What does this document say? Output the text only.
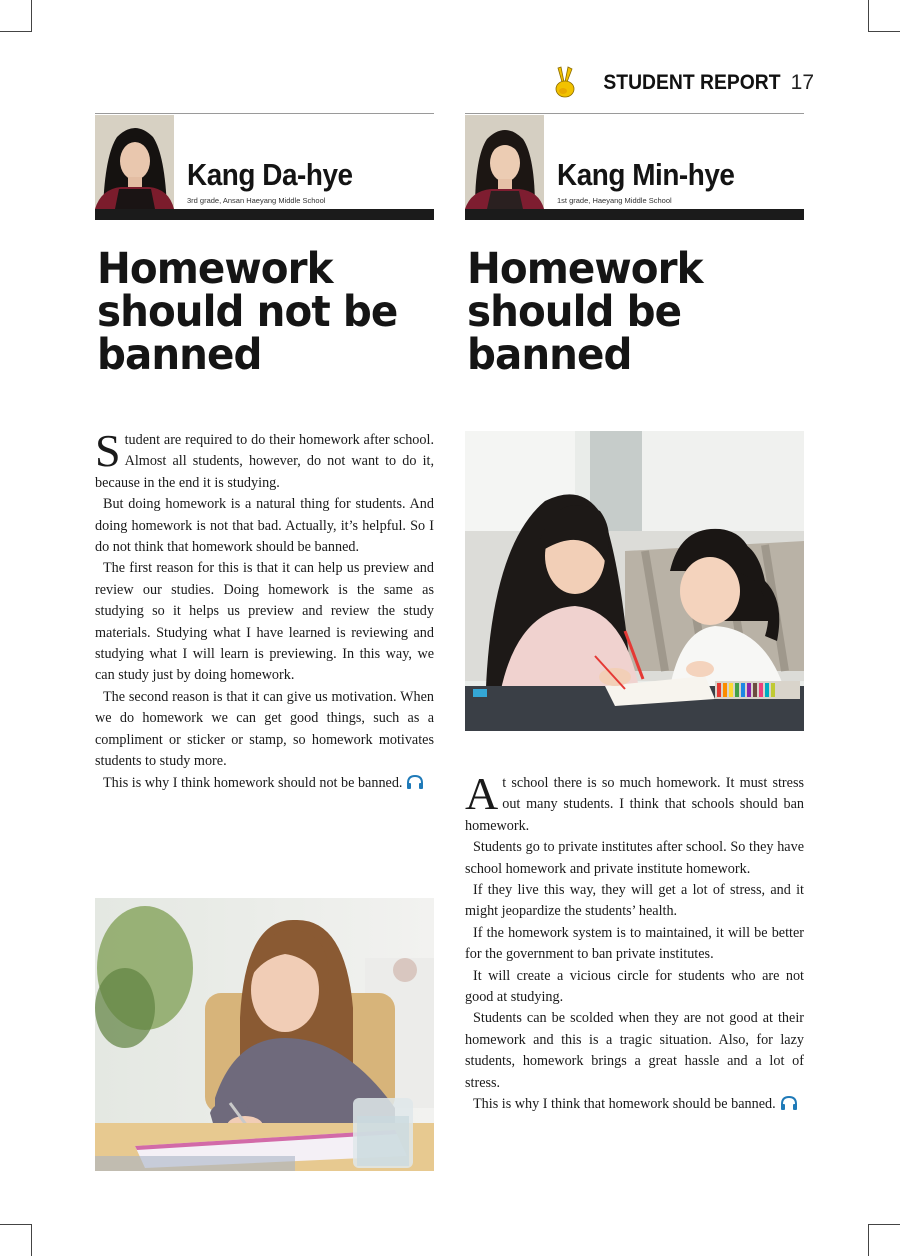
STUDENT REPORT 17
Kang Da-hye
3rd grade, Ansan Haeyang Middle School
Homework
should not be
banned

Student are required to do their homework after school. Almost all students, however, do not want to do it, because in the end it is studying.

But doing homework is a natural thing for students. And doing homework is not that bad. Actually, it’s helpful. So I do not think that homework should be banned.

The first reason for this is that it can help us preview and review our studies. Doing homework is the same as studying so it helps us preview and review the study materials. Studying what I have learned is reviewing and studying what I will learn is previewing. In this way, we can study just by doing homework.

The second reason is that it can give us motivation. When we do homework we can get good things, such as a compliment or sticker or stamp, so homework motivates students to study more.

This is why I think homework should not be banned.

Kang Min-hye
1st grade, Haeyang Middle School
Homework
should be
banned

At school there is so much homework. It must stress out many students. I think that schools should ban homework.

Students go to private institutes after school. So they have school homework and private institute homework.

If they live this way, they will get a lot of stress, and it might jeopardize the students’ health.

If the homework system is to maintained, it will be better for the government to ban private institutes.

It will create a vicious circle for students who are not good at studying.

Students can be scolded when they are not good at their homework and this is a tragic situation. Also, for lazy students, homework brings a great hassle and a lot of stress.

This is why I think that homework should be banned.
